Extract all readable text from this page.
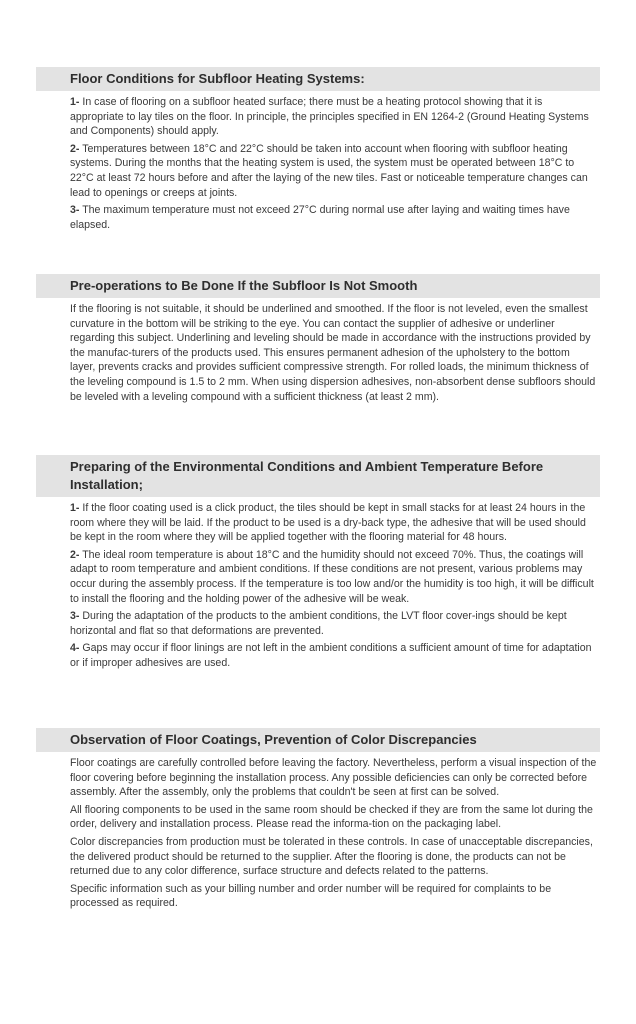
Floor Conditions for Subfloor Heating Systems:

1- In case of flooring on a subfloor heated surface; there must be a heating protocol showing that it is appropriate to lay tiles on the floor. In principle, the principles specified in EN 1264-2 (Ground Heating Systems and Components) should apply.

2- Temperatures between 18°C and 22°C should be taken into account when flooring with subfloor heating systems. During the months that the heating system is used, the system must be operated between 18°C to 22°C at least 72 hours before and after the laying of the new tiles. Fast or noticeable temperature changes can lead to openings or creeps at joints.

3- The maximum temperature must not exceed 27°C during normal use after laying and waiting times have elapsed.

Pre-operations to Be Done If the Subfloor Is Not Smooth

If the flooring is not suitable, it should be underlined and smoothed. If the floor is not leveled, even the smallest curvature in the bottom will be striking to the eye. You can contact the supplier of adhesive or underliner regarding this subject. Underlining and leveling should be made in accordance with the instructions provided by the manufac-turers of the products used. This ensures permanent adhesion of the upholstery to the bottom layer, prevents cracks and provides sufficient compressive strength. For rolled loads, the minimum thickness of the leveling compound is 1.5 to 2 mm. When using dispersion adhesives, non-absorbent dense subfloors should be leveled with a leveling compound with a sufficient thickness (at least 2 mm).

Preparing of the Environmental Conditions and Ambient Temperature Before Installation;

1- If the floor coating used is a click product, the tiles should be kept in small stacks for at least 24 hours in the room where they will be laid. If the product to be used is a dry-back type, the adhesive that will be used should be kept in the room where they will be applied together with the flooring material for 48 hours.

2- The ideal room temperature is about 18°C and the humidity should not exceed 70%. Thus, the coatings will adapt to room temperature and ambient conditions. If these conditions are not present, various problems may occur during the assembly process. If the temperature is too low and/or the humidity is too high, it will be difficult to install the flooring and the holding power of the adhesive will be weak.

3- During the adaptation of the products to the ambient conditions, the LVT floor cover-ings should be kept horizontal and flat so that deformations are prevented.

4- Gaps may occur if floor linings are not left in the ambient conditions a sufficient amount of time for adaptation or if improper adhesives are used.

Observation of Floor Coatings, Prevention of Color Discrepancies

Floor coatings are carefully controlled before leaving the factory. Nevertheless, perform a visual inspection of the floor covering before beginning the installation process. Any possible deficiencies can only be corrected before assembly. After the assembly, only the problems that couldn't be seen at first can be solved.

All flooring components to be used in the same room should be checked if they are from the same lot during the order, delivery and installation process. Please read the informa-tion on the packaging label.

Color discrepancies from production must be tolerated in these controls. In case of unacceptable discrepancies, the delivered product should be returned to the supplier. After the flooring is done, the products can not be returned due to any color difference, surface structure and defects related to the patterns.

Specific information such as your billing number and order number will be required for complaints to be processed as required.
